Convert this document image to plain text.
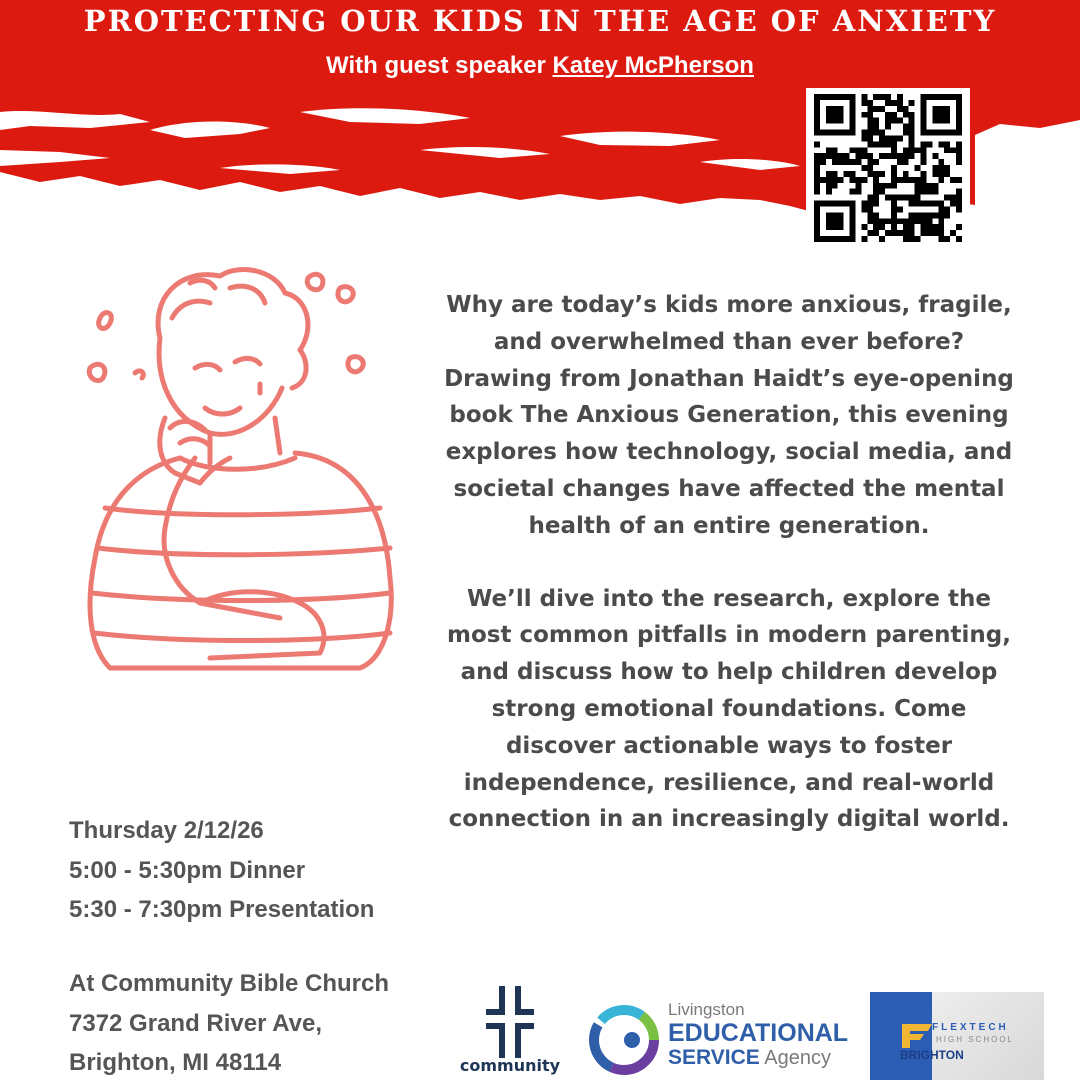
PROTECTING OUR KIDS IN THE AGE OF ANXIETY
With guest speaker Katey McPherson

Why are today’s kids more anxious, fragile, and overwhelmed than ever before? Drawing from Jonathan Haidt’s eye-opening book The Anxious Generation, this evening explores how technology, social media, and societal changes have affected the mental health of an entire generation.

We’ll dive into the research, explore the most common pitfalls in modern parenting, and discuss how to help children develop strong emotional foundations. Come discover actionable ways to foster independence, resilience, and real-world connection in an increasingly digital world.

Thursday 2/12/26
5:00 - 5:30pm Dinner
5:30 - 7:30pm Presentation
At Community Bible Church
7372 Grand River Ave,
Brighton, MI 48114	community
Livingston
EDUCATIONAL
SERVICE Agency
FLEXTECH
HIGH SCHOOL
BRIGHTON
